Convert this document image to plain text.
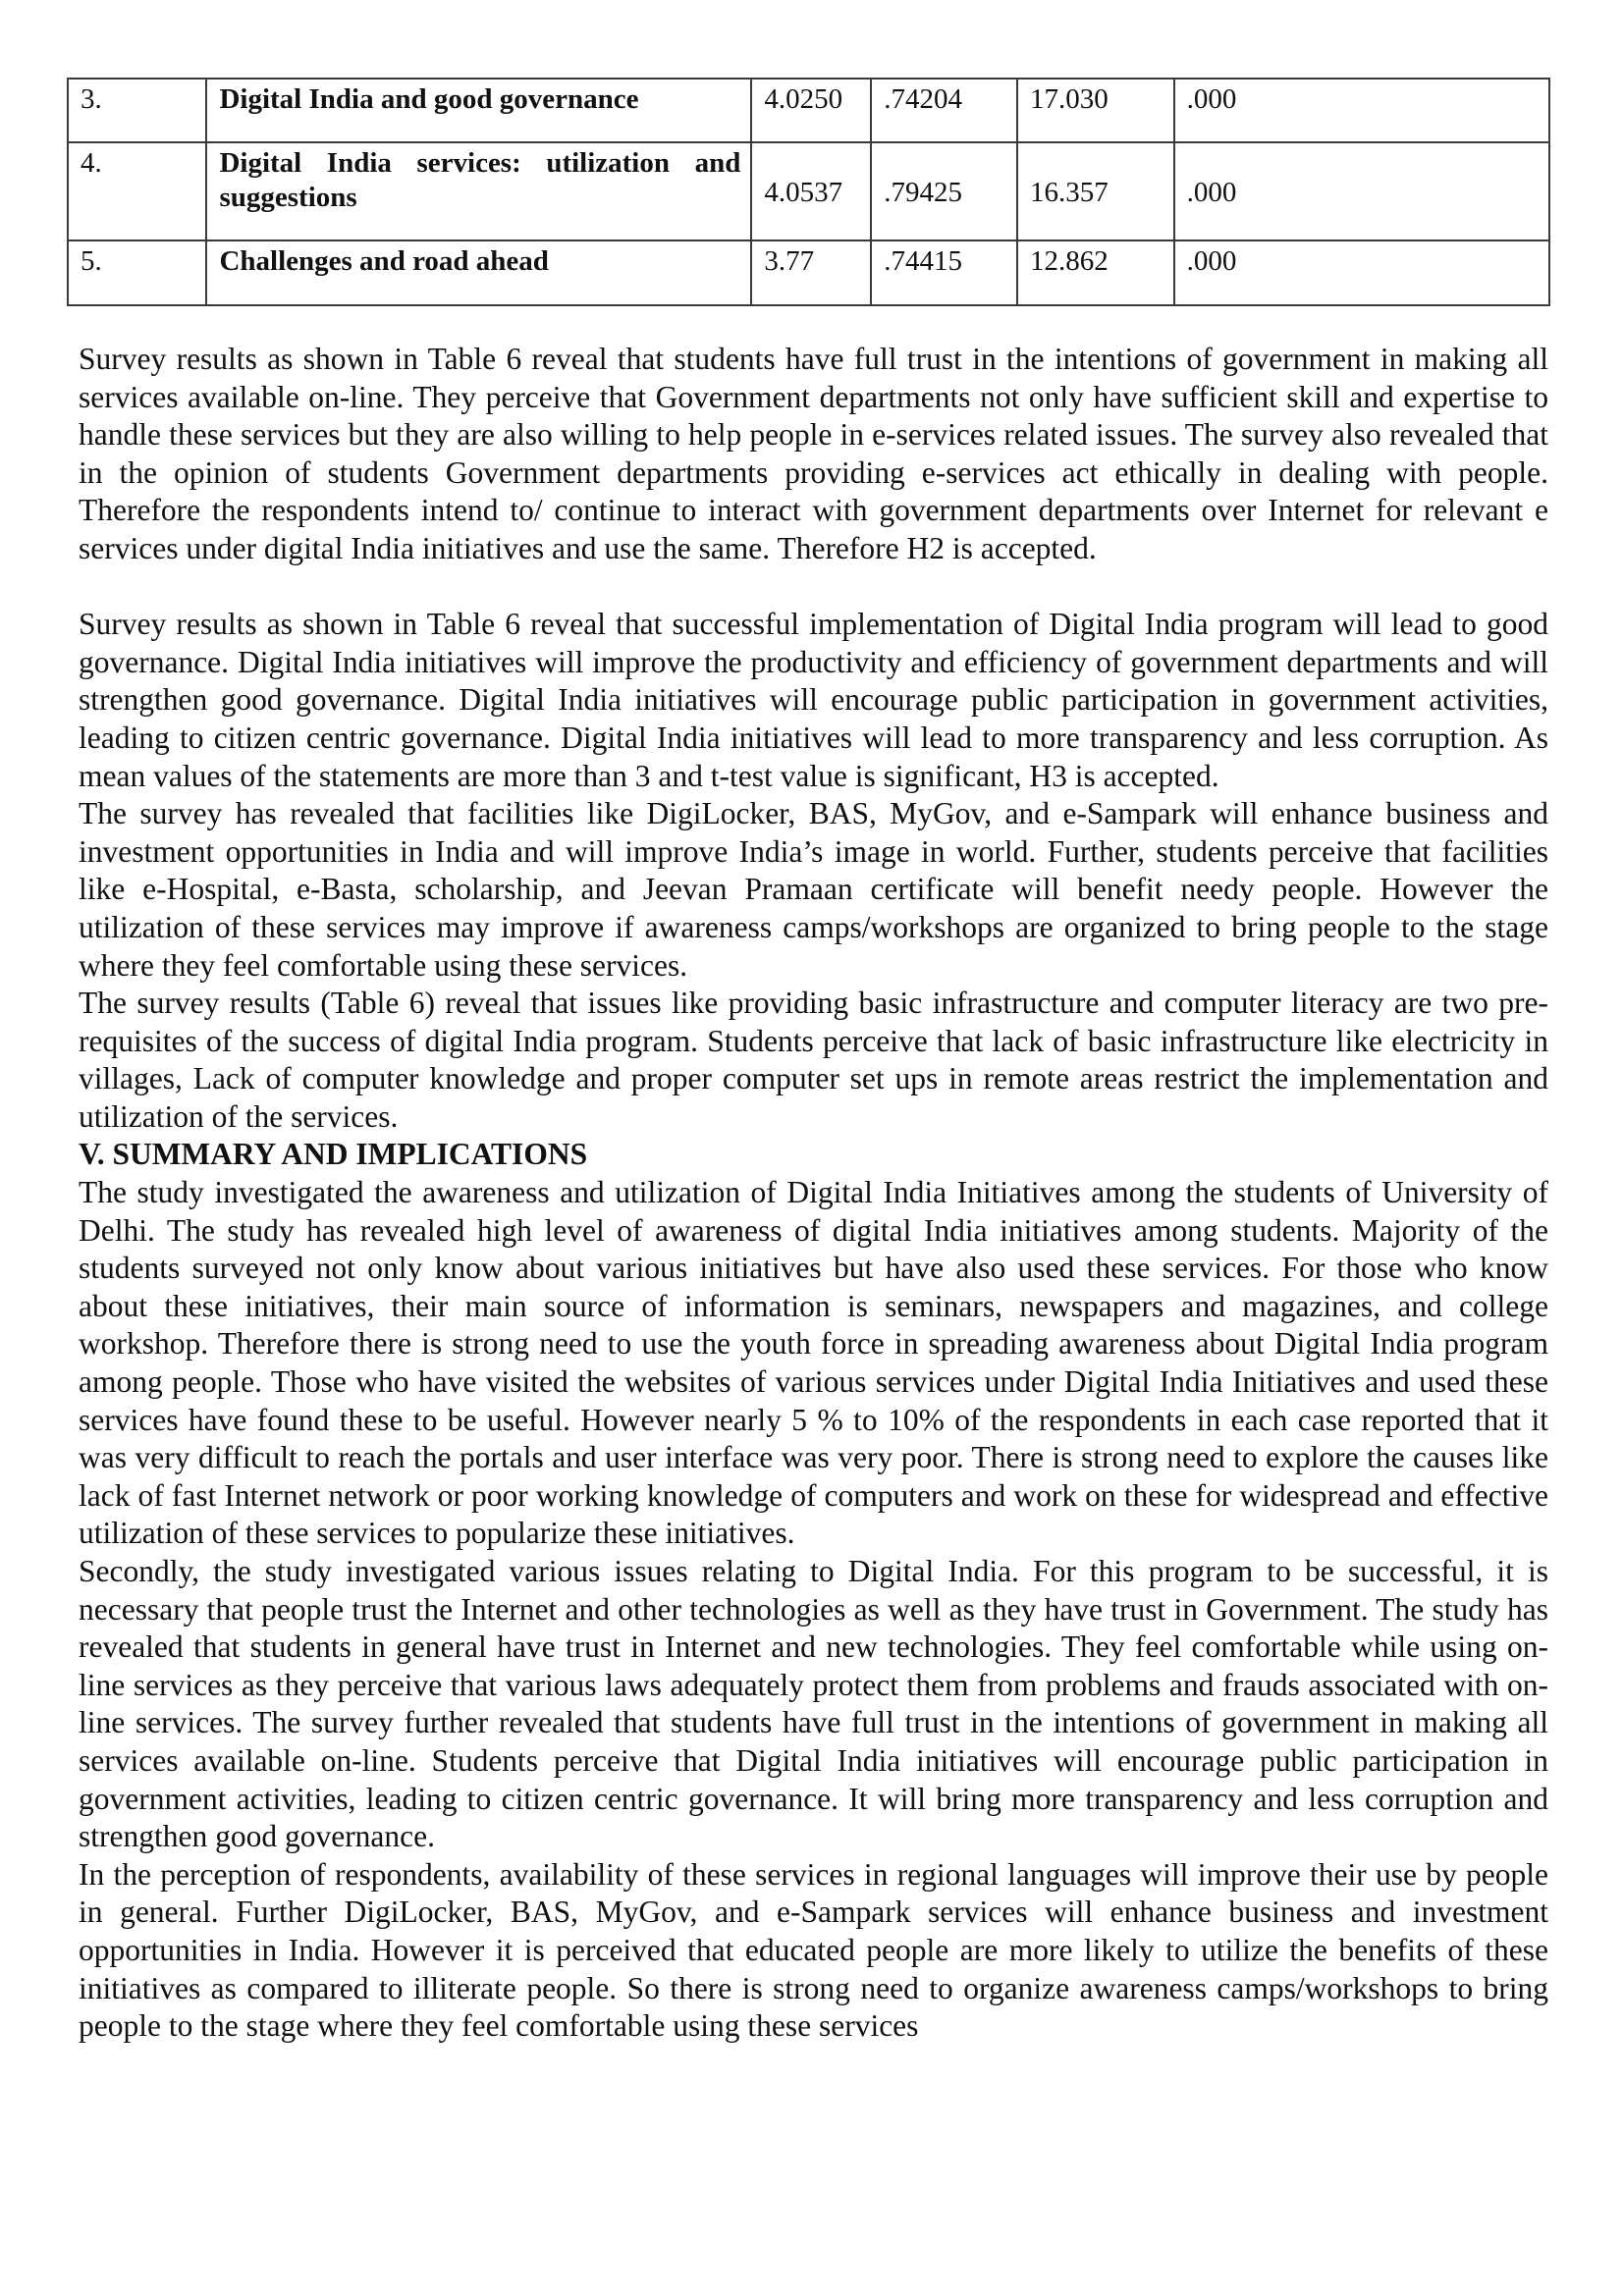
3.	Digital India and good governance	4.0250	.74204	17.030	.000
4.	Digital India services: utilization and suggestions	4.0537	.79425	16.357	.000
5.	Challenges and road ahead	3.77	.74415	12.862	.000

Survey results as shown in Table 6 reveal that students have full trust in the intentions of government in making all services available on-line. They perceive that Government departments not only have sufficient skill and expertise to handle these services but they are also willing to help people in e-services related issues. The survey also revealed that in the opinion of students Government departments providing e-services act ethically in dealing with people. Therefore the respondents intend to/ continue to interact with government departments over Internet for relevant e services under digital India initiatives and use the same. Therefore H2 is accepted.

Survey results as shown in Table 6 reveal that successful implementation of Digital India program will lead to good governance. Digital India initiatives will improve the productivity and efficiency of government departments and will strengthen good governance. Digital India initiatives will encourage public participation in government activities, leading to citizen centric governance. Digital India initiatives will lead to more transparency and less corruption. As mean values of the statements are more than 3 and t-test value is significant, H3 is accepted.

The survey has revealed that facilities like DigiLocker, BAS, MyGov, and e-Sampark will enhance business and investment opportunities in India and will improve India’s image in world. Further, students perceive that facilities like e-Hospital, e-Basta, scholarship, and Jeevan Pramaan certificate will benefit needy people. However the utilization of these services may improve if awareness camps/workshops are organized to bring people to the stage where they feel comfortable using these services.

The survey results (Table 6) reveal that issues like providing basic infrastructure and computer literacy are two pre-requisites of the success of digital India program. Students perceive that lack of basic infrastructure like electricity in villages, Lack of computer knowledge and proper computer set ups in remote areas restrict the implementation and utilization of the services.

V. SUMMARY AND IMPLICATIONS

The study investigated the awareness and utilization of Digital India Initiatives among the students of University of Delhi. The study has revealed high level of awareness of digital India initiatives among students. Majority of the students surveyed not only know about various initiatives but have also used these services. For those who know about these initiatives, their main source of information is seminars, newspapers and magazines, and college workshop. Therefore there is strong need to use the youth force in spreading awareness about Digital India program among people. Those who have visited the websites of various services under Digital India Initiatives and used these services have found these to be useful. However nearly 5 % to 10% of the respondents in each case reported that it was very difficult to reach the portals and user interface was very poor. There is strong need to explore the causes like lack of fast Internet network or poor working knowledge of computers and work on these for widespread and effective utilization of these services to popularize these initiatives.

Secondly, the study investigated various issues relating to Digital India. For this program to be successful, it is necessary that people trust the Internet and other technologies as well as they have trust in Government. The study has revealed that students in general have trust in Internet and new technologies. They feel comfortable while using on-line services as they perceive that various laws adequately protect them from problems and frauds associated with on-line services. The survey further revealed that students have full trust in the intentions of government in making all services available on-line. Students perceive that Digital India initiatives will encourage public participation in government activities, leading to citizen centric governance. It will bring more transparency and less corruption and strengthen good governance.

In the perception of respondents, availability of these services in regional languages will improve their use by people in general. Further DigiLocker, BAS, MyGov, and e-Sampark services will enhance business and investment opportunities in India. However it is perceived that educated people are more likely to utilize the benefits of these initiatives as compared to illiterate people. So there is strong need to organize awareness camps/workshops to bring people to the stage where they feel comfortable using these services
